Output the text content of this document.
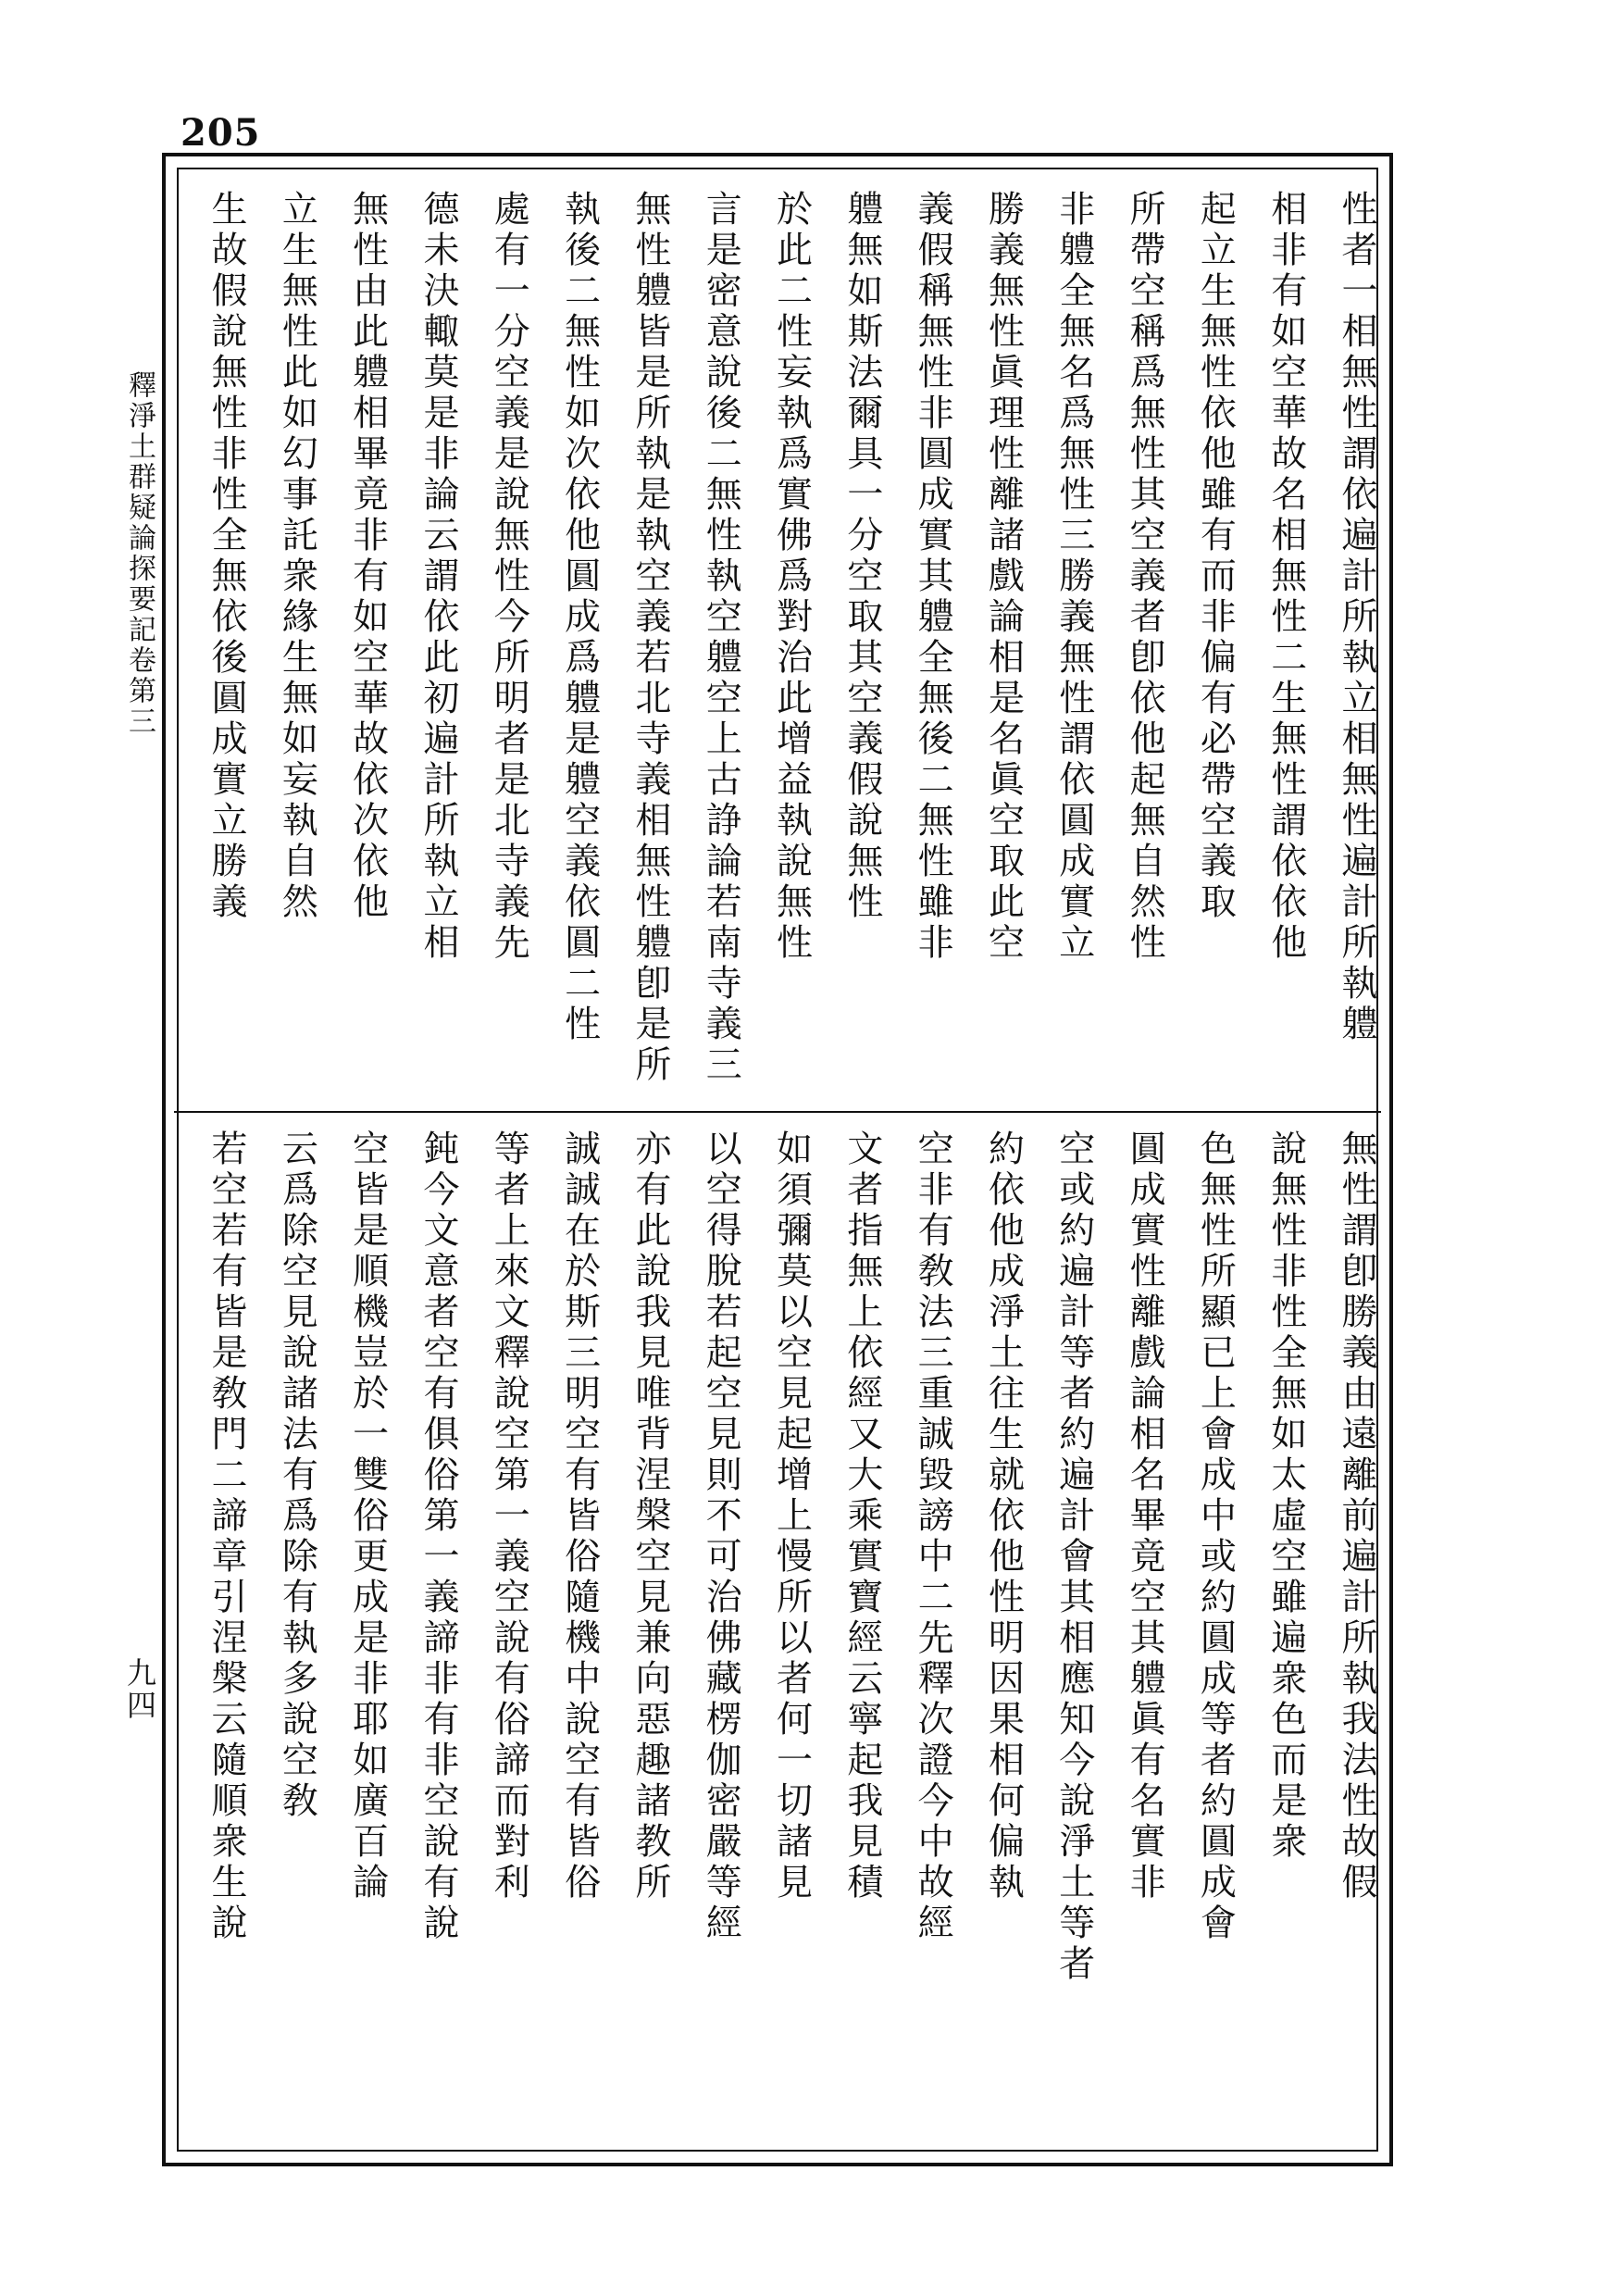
205
釋淨土群疑論探要記卷第三
九四
性者一相無性謂依遍計所執立相無性遍計所執軆
相非有如空華故名相無性二生無性謂依依他
起立生無性依他雖有而非偏有必帶空義取
所帶空稱爲無性其空義者卽依他起無自然性
非軆全無名爲無性三勝義無性謂依圓成實立
勝義無性眞理性離諸戲論相是名眞空取此空
義假稱無性非圓成實其軆全無後二無性雖非
軆無如斯法爾具一分空取其空義假說無性
於此二性妄執爲實佛爲對治此增益執說無性
言是密意說後二無性執空軆空上古諍論若南寺義三
無性軆皆是所執是執空義若北寺義相無性軆卽是所
執後二無性如次依他圓成爲軆是軆空義依圓二性
處有一分空義是說無性今所明者是北寺義先
德未決輙莫是非論云謂依此初遍計所執立相
無性由此軆相畢竟非有如空華故依次依他
立生無性此如幻事託衆緣生無如妄執自然
生故假說無性非性全無依後圓成實立勝義
無性謂卽勝義由遠離前遍計所執我法性故假
說無性非性全無如太虛空雖遍衆色而是衆
色無性所顯已上會成中或約圓成等者約圓成會
圓成實性離戲論相名畢竟空其軆眞有名實非
空或約遍計等者約遍計會其相應知今說淨土等者
約依他成淨土往生就依他性明因果相何偏執
空非有敎法三重誠毀謗中二先釋次證今中故經
文者指無上依經又大乘實寶經云寧起我見積
如須彌莫以空見起增上慢所以者何一切諸見
以空得脫若起空見則不可治佛藏楞伽密嚴等經
亦有此說我見唯背涅槃空見兼向惡趣諸教所
誠誠在於斯三明空有皆俗隨機中說空有皆俗
等者上來文釋說空第一義空說有俗諦而對利
鈍今文意者空有俱俗第一義諦非有非空說有說
空皆是順機豈於一雙俗更成是非耶如廣百論
云爲除空見說諸法有爲除有執多說空敎
若空若有皆是敎門二諦章引涅槃云隨順衆生說
